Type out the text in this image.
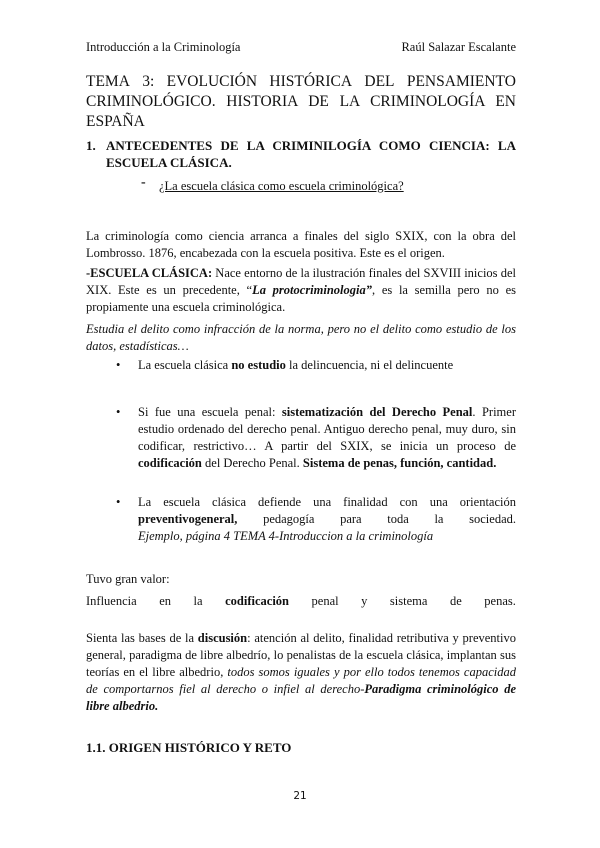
Introducción a la Criminología	Raúl Salazar Escalante
TEMA 3: EVOLUCIÓN HISTÓRICA DEL PENSAMIENTO
CRIMINOLÓGICO. HISTORIA DE LA CRIMINOLOGÍA EN ESPAÑA
1. ANTECEDENTES DE LA CRIMINILOGÍA COMO CIENCIA: LA ESCUELA CLÁSICA.
- ¿La escuela clásica como escuela criminológica?
La criminología como ciencia arranca a finales del siglo SXIX, con la obra del Lombrosso. 1876, encabezada con la escuela positiva. Este es el origen.
-ESCUELA CLÁSICA: Nace entorno de la ilustración finales del SXVIII inicios del XIX. Este es un precedente, “La protocriminologia”, es la semilla pero no es propiamente una escuela criminológica.
Estudia el delito como infracción de la norma, pero no el delito como estudio de los datos, estadísticas…
• La escuela clásica no estudio la delincuencia, ni el delincuente
• Si fue una escuela penal: sistematización del Derecho Penal. Primer estudio ordenado del derecho penal. Antiguo derecho penal, muy duro, sin codificar, restrictivo… A partir del SXIX, se inicia un proceso de codificación del Derecho Penal. Sistema de penas, función, cantidad.
• La escuela clásica defiende una finalidad con una orientación
preventivogeneral, pedagogía para toda la sociedad.
Ejemplo, página 4 TEMA 4-Introduccion a la criminología
Tuvo gran valor:
Influencia en la codificación penal y sistema de penas.
Sienta las bases de la discusión: atención al delito, finalidad retributiva y preventivo general, paradigma de libre albedrío, lo penalistas de la escuela clásica, implantan sus teorías en el libre albedrio, todos somos iguales y por ello todos tenemos capacidad de comportarnos fiel al derecho o infiel al derecho-Paradigma criminológico de libre albedrio.
1.1. ORIGEN HISTÓRICO Y RETO
21
